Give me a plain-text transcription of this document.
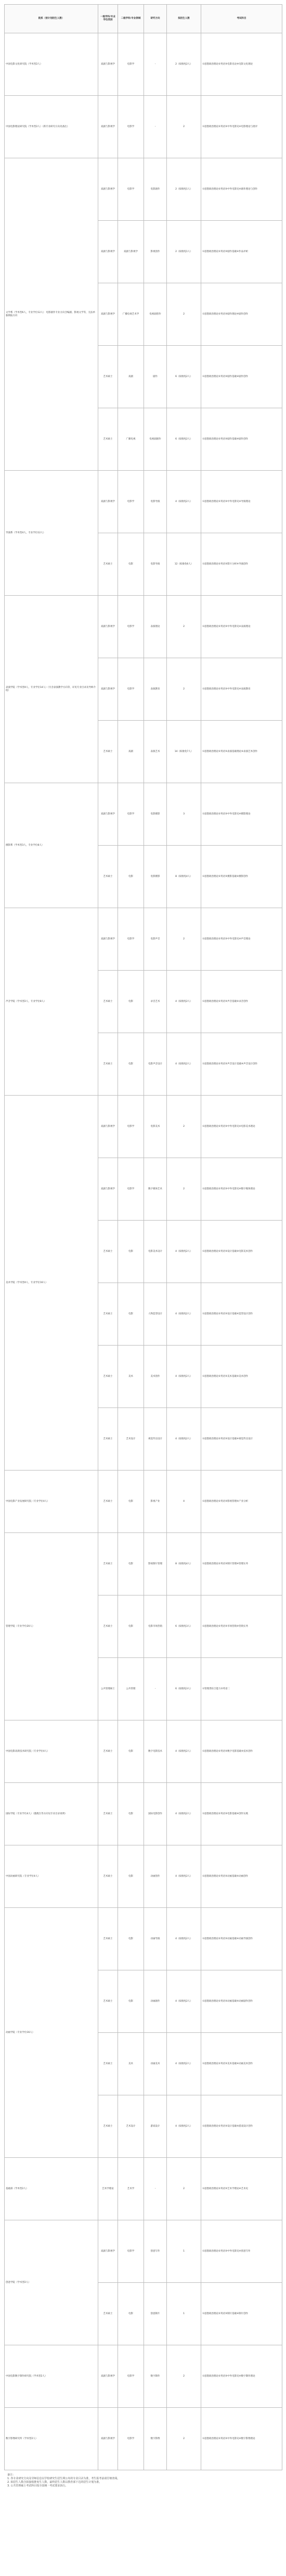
院系（按计划招生人数）	一级学科/专业学位类别	二级学科/专业领域	研究方向	拟招生人数	考试科目
中国电影文化研究院（学术型2人）	戏剧与影视学	电影学	-	2（拟推免2人）	①思想政治理论②英语③电影史论④电影文化理论
中国电影理论研究院（学术型2人）（新专业研究方向见备注）	戏剧与影视学	电影学	-	2	①思想政治理论②英语③中外电影史④电影理论与批评
文学系（学术型6人，专业学位12人） 电影剧作专业方向含编剧、影视文学等，无法单独填报方向	戏剧与影视学	电影学	电影剧作	2（拟推免1人）	①思想政治理论②英语③中外电影史④剧作理论与创作
	戏剧与影视学	戏剧与影视学	影视创作	2（拟推免1人）	①思想政治理论②英语③剧作基础④作品评析
	戏剧与影视学	广播电视艺术学	电视剧创作	2	①思想政治理论②英语③剧作理论④剧作创作
	艺术硕士	戏剧	剧作	6（拟推免2人）	①思想政治理论②英语③剧作基础④剧作创作
	艺术硕士	广播电视	电视剧剧作	6（拟推免2人）	①思想政治理论②英语③剧作基础④剧作创作
导演系（学术型4人，专业学位12人）	戏剧与影视学	电影学	电影导演	4（拟推免2人）	①思想政治理论②英语③中外电影史④导演理论
	艺术硕士	电影	电影导演	12（拟推免6人）	①思想政治理论②英语③影片分析④导演创作
表演学院（学术型4人，专业学位14人）（另含表演教学方向等，详见专业目录及导师介绍）	戏剧与影视学	电影学	表演理论	2	①思想政治理论②英语③中外电影史④表演理论
	戏剧与影视学	电影学	表演教育	2	①思想政治理论②英语③中外电影史④表演教育
	艺术硕士	戏剧	表演艺术	14（拟推免7人）	①思想政治理论②英语③表演基础理论④表演艺术创作
摄影系（学术型3人，专业学位8人）	戏剧与影视学	电影学	电影摄影	3	①思想政治理论②英语③中外电影史④摄影理论
	艺术硕士	电影	电影摄影	8（拟推免4人）	①思想政治理论②英语③摄影基础④摄影创作
声音学院（学术型2人，专业学位8人）	戏剧与影视学	电影学	电影声音	2	①思想政治理论②英语③中外电影史④声音理论
	艺术硕士	电影	录音艺术	4（拟推免2人）	①思想政治理论②英语③声音基础④录音创作
	艺术硕士	电影	电影声音设计	4（拟推免2人）	①思想政治理论②英语③声音设计基础④声音设计创作
美术学院（学术型4人，专业学位16人）	戏剧与影视学	电影学	电影美术	2	①思想政治理论②英语③中外电影史④电影美术理论
	戏剧与影视学	电影学	数字媒体艺术	2	①思想政治理论②英语③中外电影史④数字媒体理论
	艺术硕士	电影	电影美术设计	4（拟推免2人）	①思想政治理论②英语③设计基础④电影美术创作
	艺术硕士	电影	人物造型设计	4（拟推免2人）	①思想政治理论②英语③设计基础④造型设计创作
	艺术硕士	美术	美术创作	4（拟推免2人）	①思想政治理论②英语③美术基础④美术创作
	艺术硕士	艺术设计	视觉传达设计	4（拟推免2人）	①思想政治理论②英语③设计基础④视觉传达设计
中国电影产业发展研究院（专业学位4人）	艺术硕士	电影	影视产业	4	①思想政治理论②英语③影视管理④产业分析
管理学院（专业学位20人）	艺术硕士	电影	影视制片管理	8（拟推免4人）	①思想政治理论②英语③制片管理④管理实务
	艺术硕士	电影	电影市场营销	6（拟推免3人）	①思想政治理论②英语③市场营销④营销实务
	公共管理硕士	公共管理	-	6（拟推免3人）	①管理类综合能力②英语二
中国电影高新技术研究院（专业学位4人）	艺术硕士	电影	数字电影技术	4（拟推免2人）	①思想政治理论②英语③数字电影基础④技术创作
国际学院（专业学位4人）（港澳台等方向见专业目录说明）	艺术硕士	电影	国际电影创作	4（拟推免2人）	①思想政治理论②英语③电影基础④创作实践
中国动画研究院（专业学位4人）	艺术硕士	电影	动画创作	4（拟推免2人）	①思想政治理论②英语③动画基础④动画创作
动画学院（专业学位16人）	艺术硕士	电影	动画导演	4（拟推免2人）	①思想政治理论②英语③动画基础④动画导演创作
	艺术硕士	电影	动画剧作	4（拟推免2人）	①思想政治理论②英语③动画基础④动画剧作创作
	艺术硕士	美术	动画美术	4（拟推免2人）	①思想政治理论②英语③美术基础④动画美术创作
	艺术硕士	艺术设计	游戏设计	4（拟推免2人）	①思想政治理论②英语③设计基础④游戏设计创作
基础部（学术型2人）	艺术学理论	艺术学	-	2	①思想政治理论②英语③艺术学理论④艺术史
创意学院（学术型2人）	戏剧与影视学	电影学	创意写作	1	①思想政治理论②英语③中外电影史④创意写作
	艺术硕士	电影	创意制片	1	①思想政治理论②英语③制片基础④制片创作
中国电影数字制作研究院（学术型2人）	戏剧与影视学	电影学	数字制作	2	①思想政治理论②英语③中外电影史④数字制作理论
数字影像研究所（学术型2人）	戏剧与影视学	电影学	数字影像	2	①思想政治理论②英语③中外电影史④数字影像理论
备注：
1. 各专业研究方向及导师信息以学校研究生招生网公布的专业目录为准，考生报考前请仔细查阅。
2. 拟招生人数含拟接收推免生人数，最终招生人数以教育部下达的招生计划为准。
3. 公共管理硕士考试科目按全国统一考试要求执行。
